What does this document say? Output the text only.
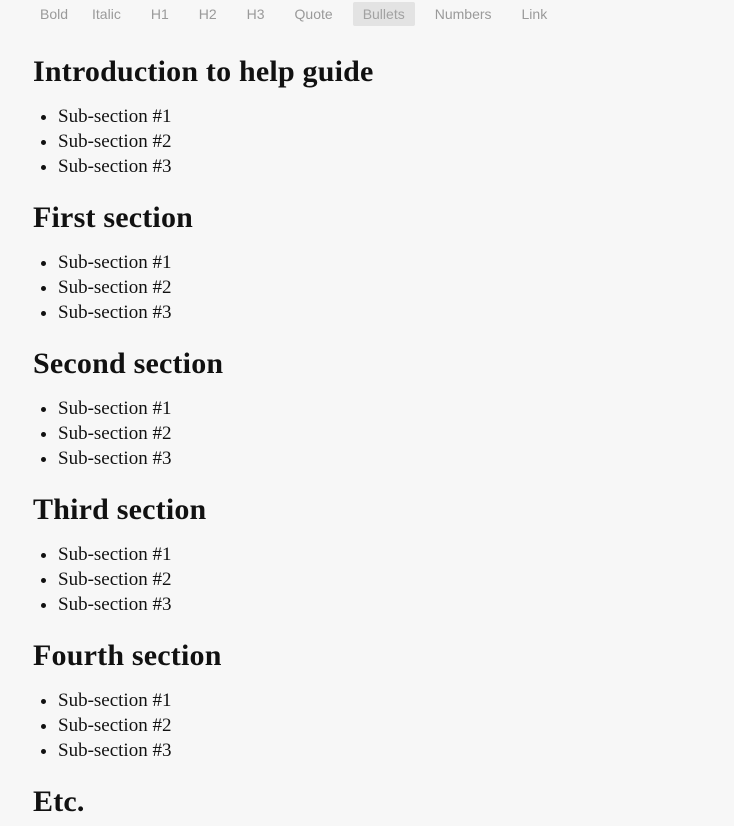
Bold	Italic	H1	H2	H3	Quote	Bullets	Numbers	Link
Introduction to help guide
• Sub-section #1
• Sub-section #2
• Sub-section #3
First section
• Sub-section #1
• Sub-section #2
• Sub-section #3
Second section
• Sub-section #1
• Sub-section #2
• Sub-section #3
Third section
• Sub-section #1
• Sub-section #2
• Sub-section #3
Fourth section
• Sub-section #1
• Sub-section #2
• Sub-section #3
Etc.
